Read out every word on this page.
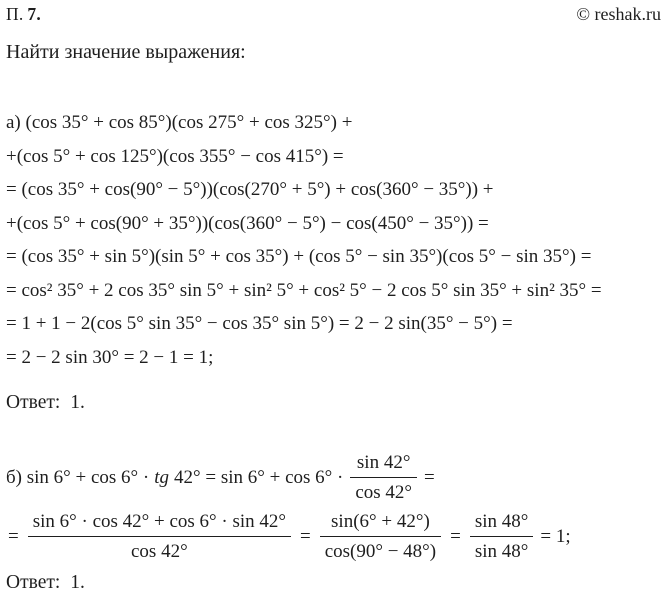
П. 7.	© reshak.ru
Найти значение выражения:
а) (cos 35° + cos 85°)(cos 275° + cos 325°) +
+(cos 5° + cos 125°)(cos 355° − cos 415°) =
= (cos 35° + cos(90° − 5°))(cos(270° + 5°) + cos(360° − 35°)) +
+(cos 5° + cos(90° + 35°))(cos(360° − 5°) − cos(450° − 35°)) =
= (cos 35° + sin 5°)(sin 5° + cos 35°) + (cos 5° − sin 35°)(cos 5° − sin 35°) =
= cos² 35° + 2 cos 35° sin 5° + sin² 5° + cos² 5° − 2 cos 5° sin 35° + sin² 35° =
= 1 + 1 − 2(cos 5° sin 35° − cos 35° sin 5°) = 2 − 2 sin(35° − 5°) =
= 2 − 2 sin 30° = 2 − 1 = 1;
Ответ: 1.
б) sin 6° + cos 6° · tg $42^\circ = \sin 6^\circ + \cos 6^\circ \cdot \frac{\sin 42^\circ}{\cos 42^\circ}$ =
= $\frac{\sin 6^\circ \cdot \cos 42^\circ + \cos 6^\circ \cdot \sin 42^\circ}{\cos 42^\circ} = \frac{\sin(6^\circ + 42^\circ)}{\cos(90^\circ - 48^\circ)} = \frac{\sin 48^\circ}{\sin 48^\circ} = 1$;
Ответ: 1.
